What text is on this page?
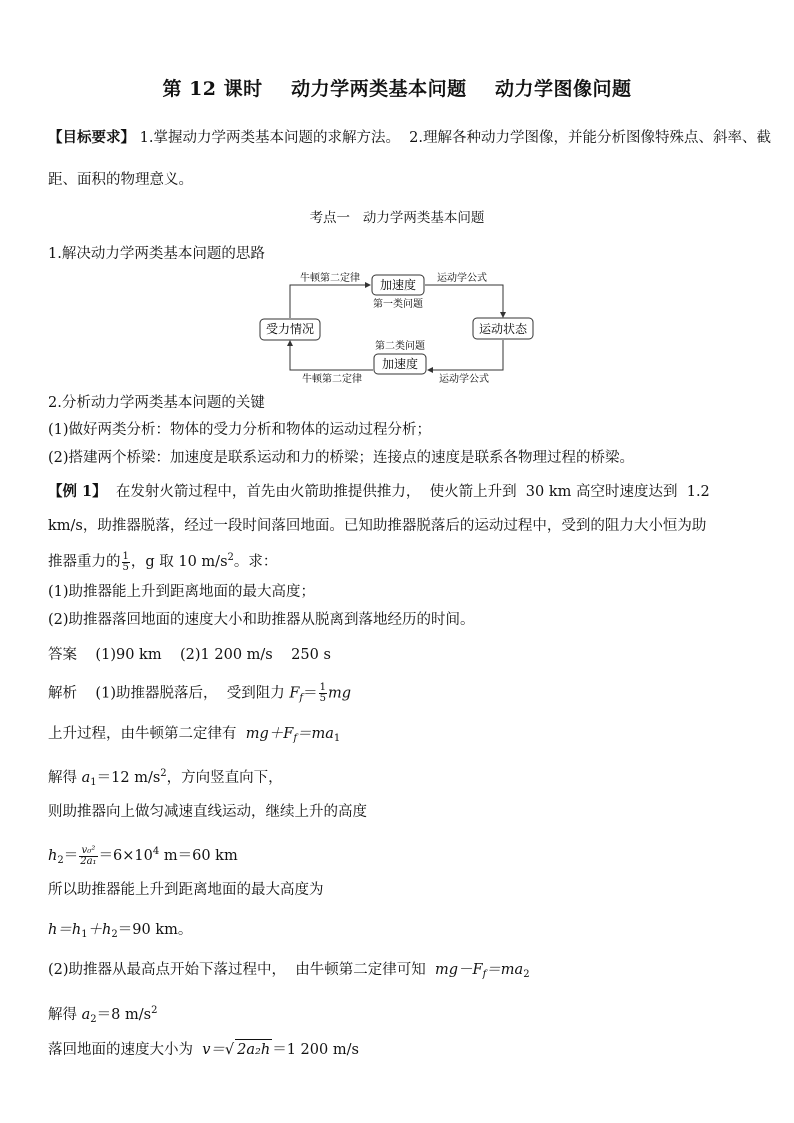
第 12 课时    动力学两类基本问题    动力学图像问题
【目标要求】 1.掌握动力学两类基本问题的求解方法。  2.理解各种动力学图像，并能分析图像特殊点、斜率、截
距、面积的物理意义。
考点一   动力学两类基本问题
1.解决动力学两类基本问题的思路
加速度
受力情况	运动状态
加速度
牛顿第二定律	运动学公式
第一类问题
第二类问题
牛顿第二定律	运动学公式
2.分析动力学两类基本问题的关键
(1)做好两类分析：物体的受力分析和物体的运动过程分析；
(2)搭建两个桥梁：加速度是联系运动和力的桥梁；连接点的速度是联系各物理过程的桥梁。
【例 1】  在发射火箭过程中，首先由火箭助推提供推力，  使火箭上升到  30 km 高空时速度达到  1.2
km/s，助推器脱落，经过一段时间落回地面。已知助推器脱落后的运动过程中，受到的阻力大小恒为助
推器重力的 $\frac{1}{5}$ ，g 取 10 $m/s^2$。求：
(1)助推器能上升到距离地面的最大高度；
(2)助推器落回地面的速度大小和助推器从脱离到落地经历的时间。
答案    (1)90 km    (2)1 200 m/s    250 s
解析    (1)助推器脱落后，  受到阻力 $F_f= \frac{1}{5}$ mg
上升过程，由牛顿第二定律有  $mg+F_f=ma_1$
解得 $a_1=12$ $m/s^2$，方向竖直向下，
则助推器向上做匀减速直线运动，继续上升的高度
$h_2= \frac{\text{v₀²}}{\text{2a₁}} =6\times 10^4$ m＝60 km
所以助推器能上升到距离地面的最大高度为
$h=h_1+h_2=90$ km。
(2)助推器从最高点开始下落过程中，  由牛顿第二定律可知  $mg-F_f=ma_2$
解得 $a_2=8$ $m/s^2$
落回地面的速度大小为  v＝√ 2a₂h ＝1 200 m/s
